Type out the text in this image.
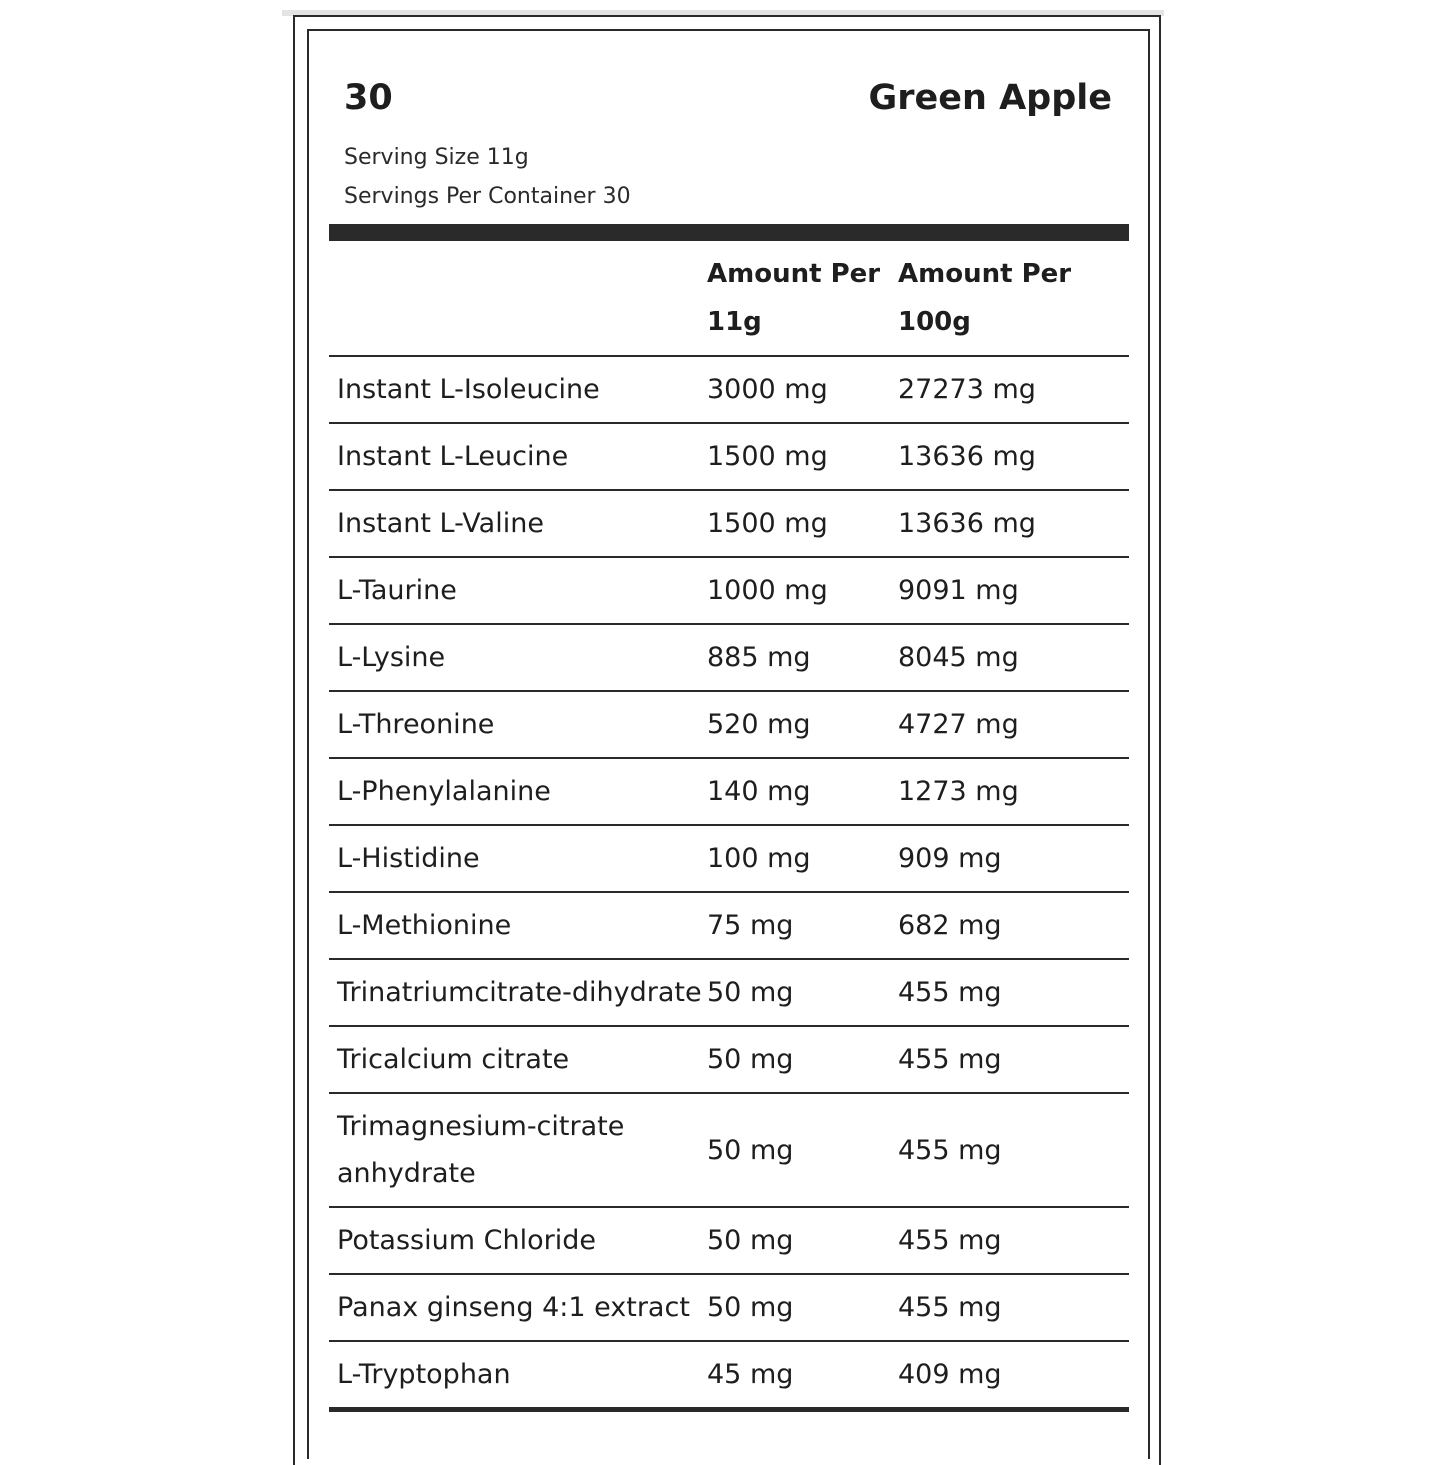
30	Green Apple
Serving Size 11g
Servings Per Container 30
	Amount Per 11g	Amount Per 100g
Instant L-Isoleucine	3000 mg	27273 mg
Instant L-Leucine	1500 mg	13636 mg
Instant L-Valine	1500 mg	13636 mg
L-Taurine	1000 mg	9091 mg
L-Lysine	885 mg	8045 mg
L-Threonine	520 mg	4727 mg
L-Phenylalanine	140 mg	1273 mg
L-Histidine	100 mg	909 mg
L-Methionine	75 mg	682 mg
Trinatriumcitrate-dihydrate	50 mg	455 mg
Tricalcium citrate	50 mg	455 mg
Trimagnesium-citrate anhydrate	50 mg	455 mg
Potassium Chloride	50 mg	455 mg
Panax ginseng 4:1 extract	50 mg	455 mg
L-Tryptophan	45 mg	409 mg
